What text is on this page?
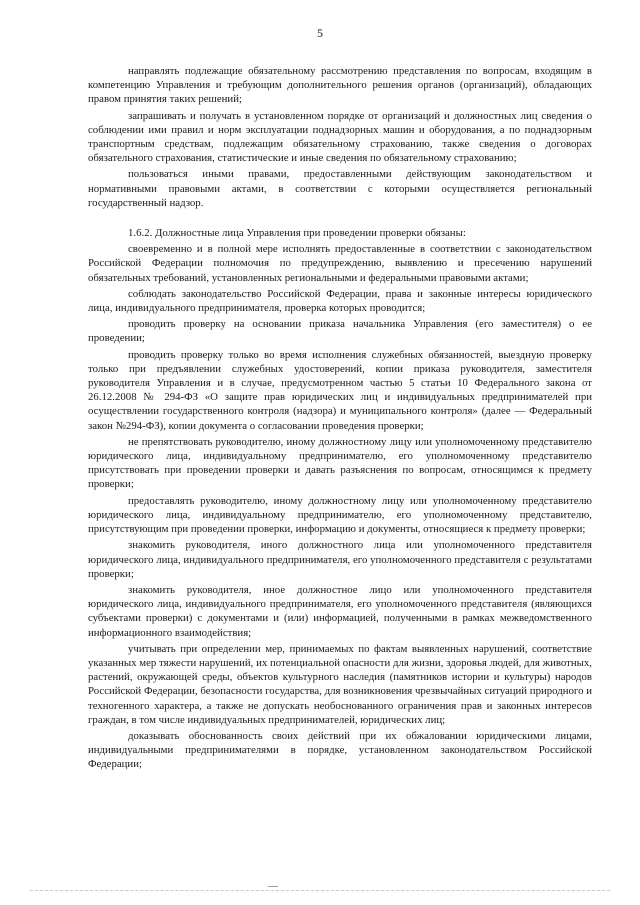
5

направлять подлежащие обязательному рассмотрению представления по вопросам, входящим в компетенцию Управления и требующим дополнительного решения органов (организаций), обладающих правом принятия таких решений;

запрашивать и получать в установленном порядке от организаций и должностных лиц сведения о соблюдении ими правил и норм эксплуатации поднадзорных машин и оборудования, а по поднадзорным транспортным средствам, подлежащим обязательному страхованию, также сведения о договорах обязательного страхования, статистические и иные сведения по обязательному страхованию;

пользоваться иными правами, предоставленными действующим законодательством и нормативными правовыми актами, в соответствии с которыми осуществляется региональный государственный надзор.

1.6.2. Должностные лица Управления при проведении проверки обязаны:

своевременно и в полной мере исполнять предоставленные в соответствии с законодательством Российской Федерации полномочия по предупреждению, выявлению и пресечению нарушений обязательных требований, установленных региональными и федеральными правовыми актами;

соблюдать законодательство Российской Федерации, права и законные интересы юридического лица, индивидуального предпринимателя, проверка которых проводится;

проводить проверку на основании приказа начальника Управления (его заместителя) о ее проведении;

проводить проверку только во время исполнения служебных обязанностей, выездную проверку только при предъявлении служебных удостоверений, копии приказа руководителя, заместителя руководителя Управления и в случае, предусмотренном частью 5 статьи 10 Федерального закона от 26.12.2008 № 294-ФЗ «О защите прав юридических лиц и индивидуальных предпринимателей при осуществлении государственного контроля (надзора) и муниципального контроля» (далее — Федеральный закон №294-ФЗ), копии документа о согласовании проведения проверки;

не препятствовать руководителю, иному должностному лицу или уполномоченному представителю юридического лица, индивидуальному предпринимателю, его уполномоченному представителю присутствовать при проведении проверки и давать разъяснения по вопросам, относящимся к предмету проверки;

предоставлять руководителю, иному должностному лицу или уполномоченному представителю юридического лица, индивидуальному предпринимателю, его уполномоченному представителю, присутствующим при проведении проверки, информацию и документы, относящиеся к предмету проверки;

знакомить руководителя, иного должностного лица или уполномоченного представителя юридического лица, индивидуального предпринимателя, его уполномоченного представителя с результатами проверки;

знакомить руководителя, иное должностное лицо или уполномоченного представителя юридического лица, индивидуального предпринимателя, его уполномоченного представителя (являющихся субъектами проверки) с документами и (или) информацией, полученными в рамках межведомственного информационного взаимодействия;

учитывать при определении мер, принимаемых по фактам выявленных нарушений, соответствие указанных мер тяжести нарушений, их потенциальной опасности для жизни, здоровья людей, для животных, растений, окружающей среды, объектов культурного наследия (памятников истории и культуры) народов Российской Федерации, безопасности государства, для возникновения чрезвычайных ситуаций природного и техногенного характера, а также не допускать необоснованного ограничения прав и законных интересов граждан, в том числе индивидуальных предпринимателей, юридических лиц;

доказывать обоснованность своих действий при их обжаловании юридическими лицами, индивидуальными предпринимателями в порядке, установленном законодательством Российской Федерации;

—
